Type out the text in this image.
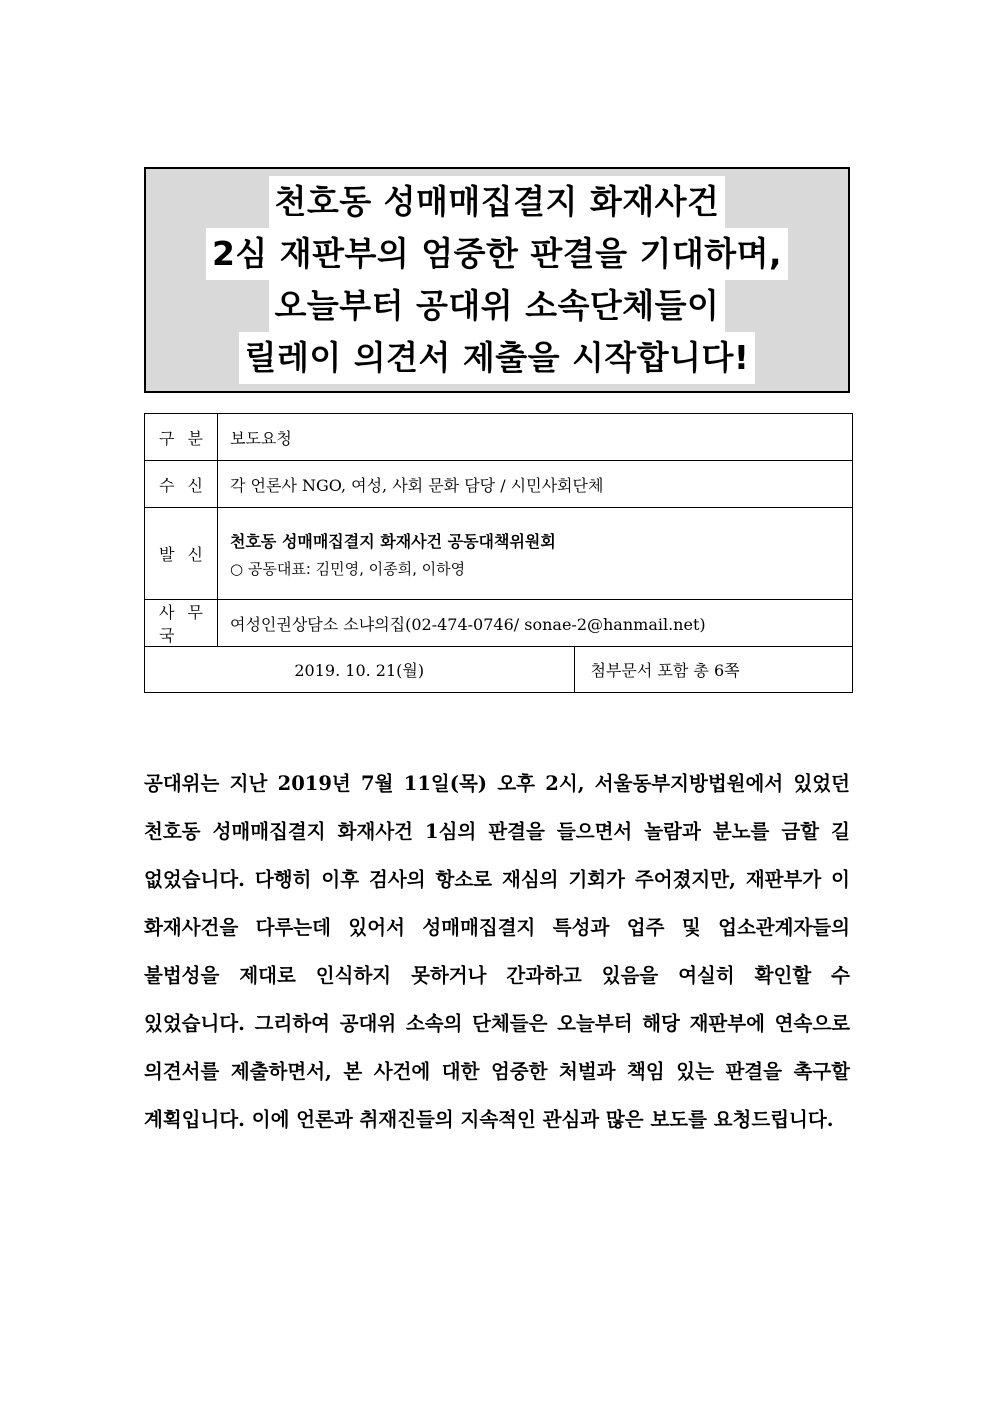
천호동 성매매집결지 화재사건
2심 재판부의 엄중한 판결을 기대하며,
오늘부터 공대위 소속단체들이
릴레이 의견서 제출을 시작합니다!
구 분	보도요청	
수 신	각 언론사 NGO, 여성, 사회 문화 담당 / 시민사회단체	
발 신	천호동 성매매집결지 화재사건 공동대책위원회
○ 공동대표: 김민영, 이종희, 이하영	

사 무 국	여성인권상담소 소냐의집(02-474-0746/ sonae-2@hanmail.net)	
2019. 10. 21(월)		첨부문서 포함 총 6쪽
공대위는 지난 2019년 7월 11일(목) 오후 2시, 서울동부지방법원에서 있었던 천호동 성매매집결지 화재사건 1심의 판결을 들으면서 놀람과 분노를 금할 길 없었습니다. 다행히 이후 검사의 항소로 재심의 기회가 주어졌지만, 재판부가 이 화재사건을 다루는데 있어서 성매매집결지 특성과 업주 및 업소관계자들의 불법성을 제대로 인식하지 못하거나 간과하고 있음을 여실히 확인할 수 있었습니다. 그리하여 공대위 소속의 단체들은 오늘부터 해당 재판부에 연속으로 의견서를 제출하면서, 본 사건에 대한 엄중한 처벌과 책임 있는 판결을 촉구할 계획입니다. 이에 언론과 취재진들의 지속적인 관심과 많은 보도를 요청드립니다.
